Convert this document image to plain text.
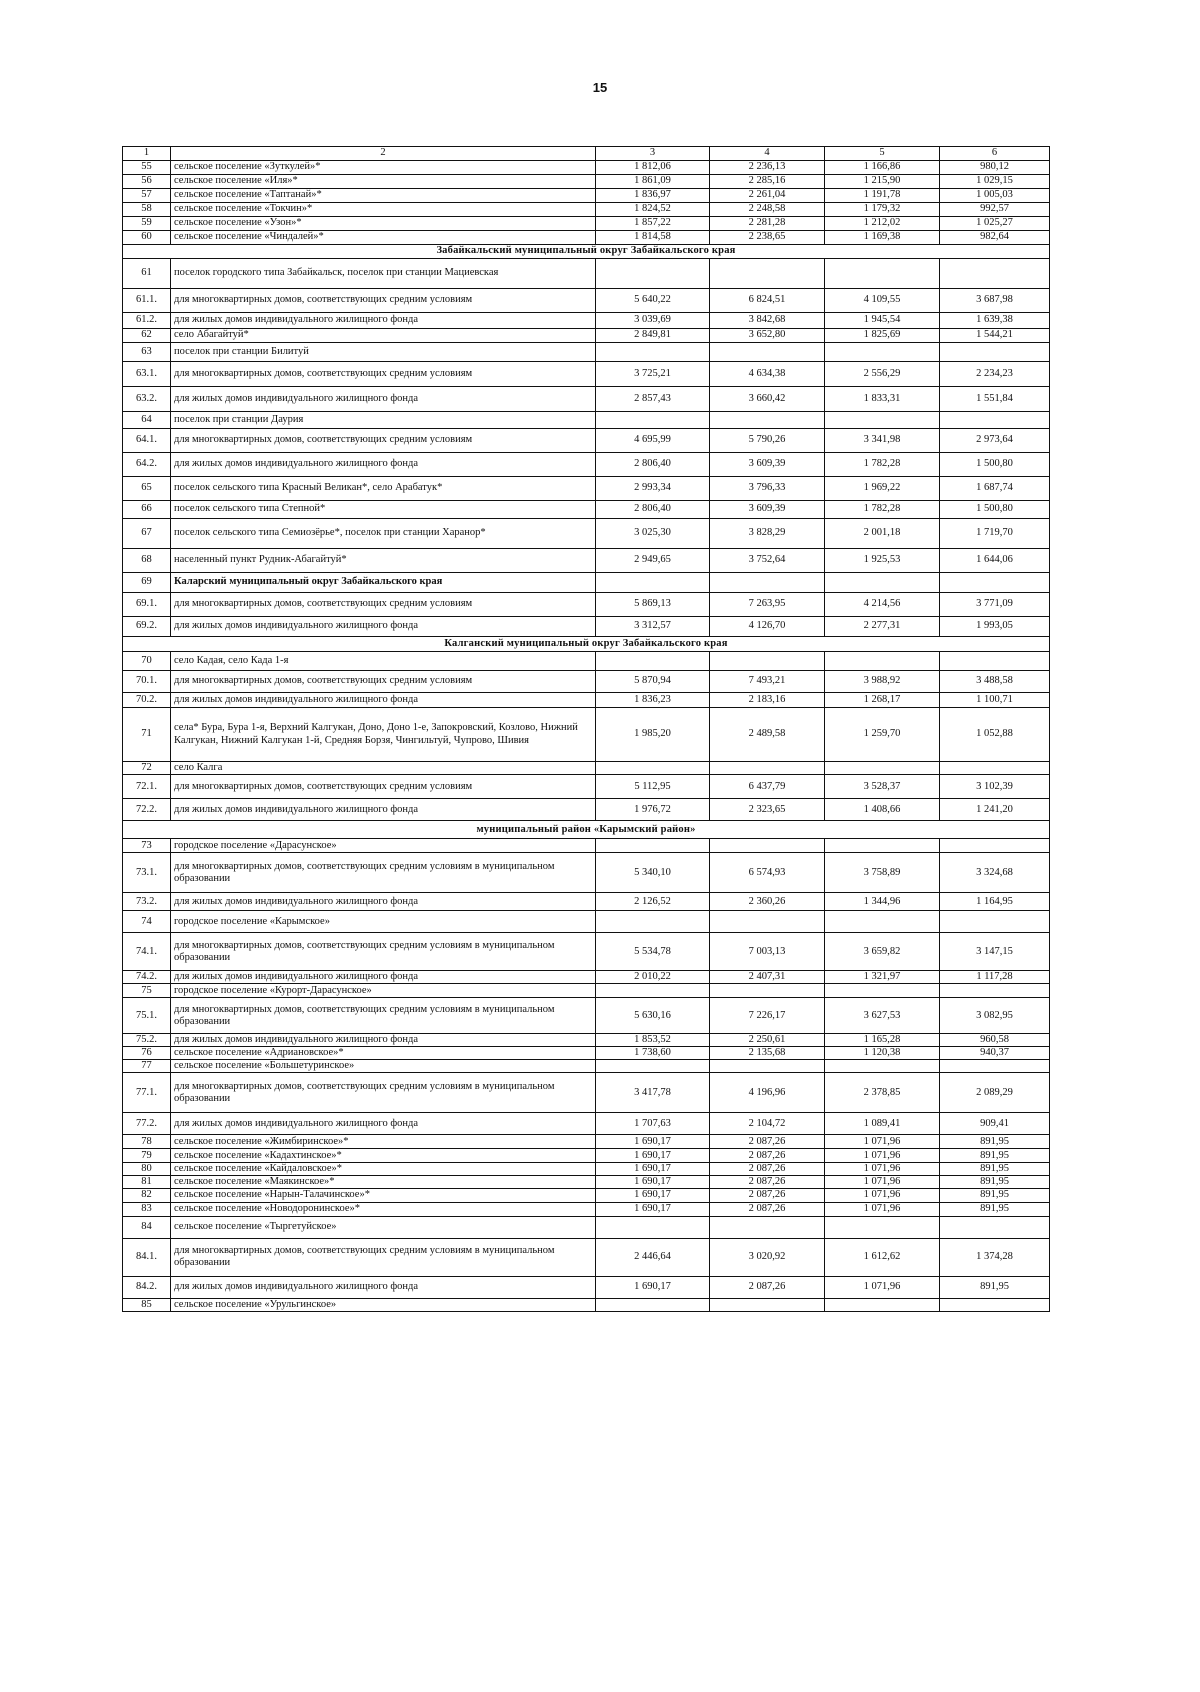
15
1	2	3	4	5	6
55	сельское поселение «Зуткулей»*	1 812,06	2 236,13	1 166,86	980,12
56	сельское поселение «Иля»*	1 861,09	2 285,16	1 215,90	1 029,15
57	сельское поселение «Таптанай»*	1 836,97	2 261,04	1 191,78	1 005,03
58	сельское поселение «Токчин»*	1 824,52	2 248,58	1 179,32	992,57
59	сельское поселение «Узон»*	1 857,22	2 281,28	1 212,02	1 025,27
60	сельское поселение «Чиндалей»*	1 814,58	2 238,65	1 169,38	982,64
Забайкальский муниципальный округ Забайкальского края					
61	поселок городского типа Забайкальск, поселок при станции Мациевская				
61.1.	для многоквартирных домов, соответствующих средним условиям	5 640,22	6 824,51	4 109,55	3 687,98
61.2.	для жилых домов индивидуального жилищного фонда	3 039,69	3 842,68	1 945,54	1 639,38
62	село Абагайтуй*	2 849,81	3 652,80	1 825,69	1 544,21
63	поселок при станции Билитуй				
63.1.	для многоквартирных домов, соответствующих средним условиям	3 725,21	4 634,38	2 556,29	2 234,23
63.2.	для жилых домов индивидуального жилищного фонда	2 857,43	3 660,42	1 833,31	1 551,84
64	поселок при станции Даурия				
64.1.	для многоквартирных домов, соответствующих средним условиям	4 695,99	5 790,26	3 341,98	2 973,64
64.2.	для жилых домов индивидуального жилищного фонда	2 806,40	3 609,39	1 782,28	1 500,80
65	поселок сельского типа Красный Великан*, село Арабатук*	2 993,34	3 796,33	1 969,22	1 687,74
66	поселок сельского типа Степной*	2 806,40	3 609,39	1 782,28	1 500,80
67	поселок сельского типа Семиозёрье*, поселок при станции Харанор*	3 025,30	3 828,29	2 001,18	1 719,70
68	населенный пункт Рудник-Абагайтуй*	2 949,65	3 752,64	1 925,53	1 644,06
69	Каларский муниципальный округ Забайкальского края				
69.1.	для многоквартирных домов, соответствующих средним условиям	5 869,13	7 263,95	4 214,56	3 771,09
69.2.	для жилых домов индивидуального жилищного фонда	3 312,57	4 126,70	2 277,31	1 993,05
Калганский муниципальный округ Забайкальского края					
70	село Кадая, село Када 1-я				
70.1.	для многоквартирных домов, соответствующих средним условиям	5 870,94	7 493,21	3 988,92	3 488,58
70.2.	для жилых домов индивидуального жилищного фонда	1 836,23	2 183,16	1 268,17	1 100,71
71	села* Бура, Бура 1-я, Верхний Калгукан, Доно, Доно 1-е, Запокровский, Козлово, Нижний Калгукан, Нижний Калгукан 1-й, Средняя Борзя, Чингильтуй, Чупрово, Шивия	1 985,20	2 489,58	1 259,70	1 052,88
72	село Калга				
72.1.	для многоквартирных домов, соответствующих средним условиям	5 112,95	6 437,79	3 528,37	3 102,39
72.2.	для жилых домов индивидуального жилищного фонда	1 976,72	2 323,65	1 408,66	1 241,20
муниципальный район «Карымский район»					
73	городское поселение «Дарасунское»				
73.1.	для многоквартирных домов, соответствующих средним условиям в муниципальном образовании	5 340,10	6 574,93	3 758,89	3 324,68
73.2.	для жилых домов индивидуального жилищного фонда	2 126,52	2 360,26	1 344,96	1 164,95
74	городское поселение «Карымское»				
74.1.	для многоквартирных домов, соответствующих средним условиям в муниципальном образовании	5 534,78	7 003,13	3 659,82	3 147,15
74.2.	для жилых домов индивидуального жилищного фонда	2 010,22	2 407,31	1 321,97	1 117,28
75	городское поселение «Курорт-Дарасунское»				
75.1.	для многоквартирных домов, соответствующих средним условиям в муниципальном образовании	5 630,16	7 226,17	3 627,53	3 082,95
75.2.	для жилых домов индивидуального жилищного фонда	1 853,52	2 250,61	1 165,28	960,58
76	сельское поселение «Адриановское»*	1 738,60	2 135,68	1 120,38	940,37
77	сельское поселение «Большетуринское»				
77.1.	для многоквартирных домов, соответствующих средним условиям в муниципальном образовании	3 417,78	4 196,96	2 378,85	2 089,29
77.2.	для жилых домов индивидуального жилищного фонда	1 707,63	2 104,72	1 089,41	909,41
78	сельское поселение «Жимбиринское»*	1 690,17	2 087,26	1 071,96	891,95
79	сельское поселение «Кадахтинское»*	1 690,17	2 087,26	1 071,96	891,95
80	сельское поселение «Кайдаловское»*	1 690,17	2 087,26	1 071,96	891,95
81	сельское поселение «Маякинское»*	1 690,17	2 087,26	1 071,96	891,95
82	сельское поселение «Нарын-Талачинское»*	1 690,17	2 087,26	1 071,96	891,95
83	сельское поселение «Новодоронинское»*	1 690,17	2 087,26	1 071,96	891,95
84	сельское поселение «Тыргетуйское»				
84.1.	для многоквартирных домов, соответствующих средним условиям в муниципальном образовании	2 446,64	3 020,92	1 612,62	1 374,28
84.2.	для жилых домов индивидуального жилищного фонда	1 690,17	2 087,26	1 071,96	891,95
85	сельское поселение «Урульгинское»				
